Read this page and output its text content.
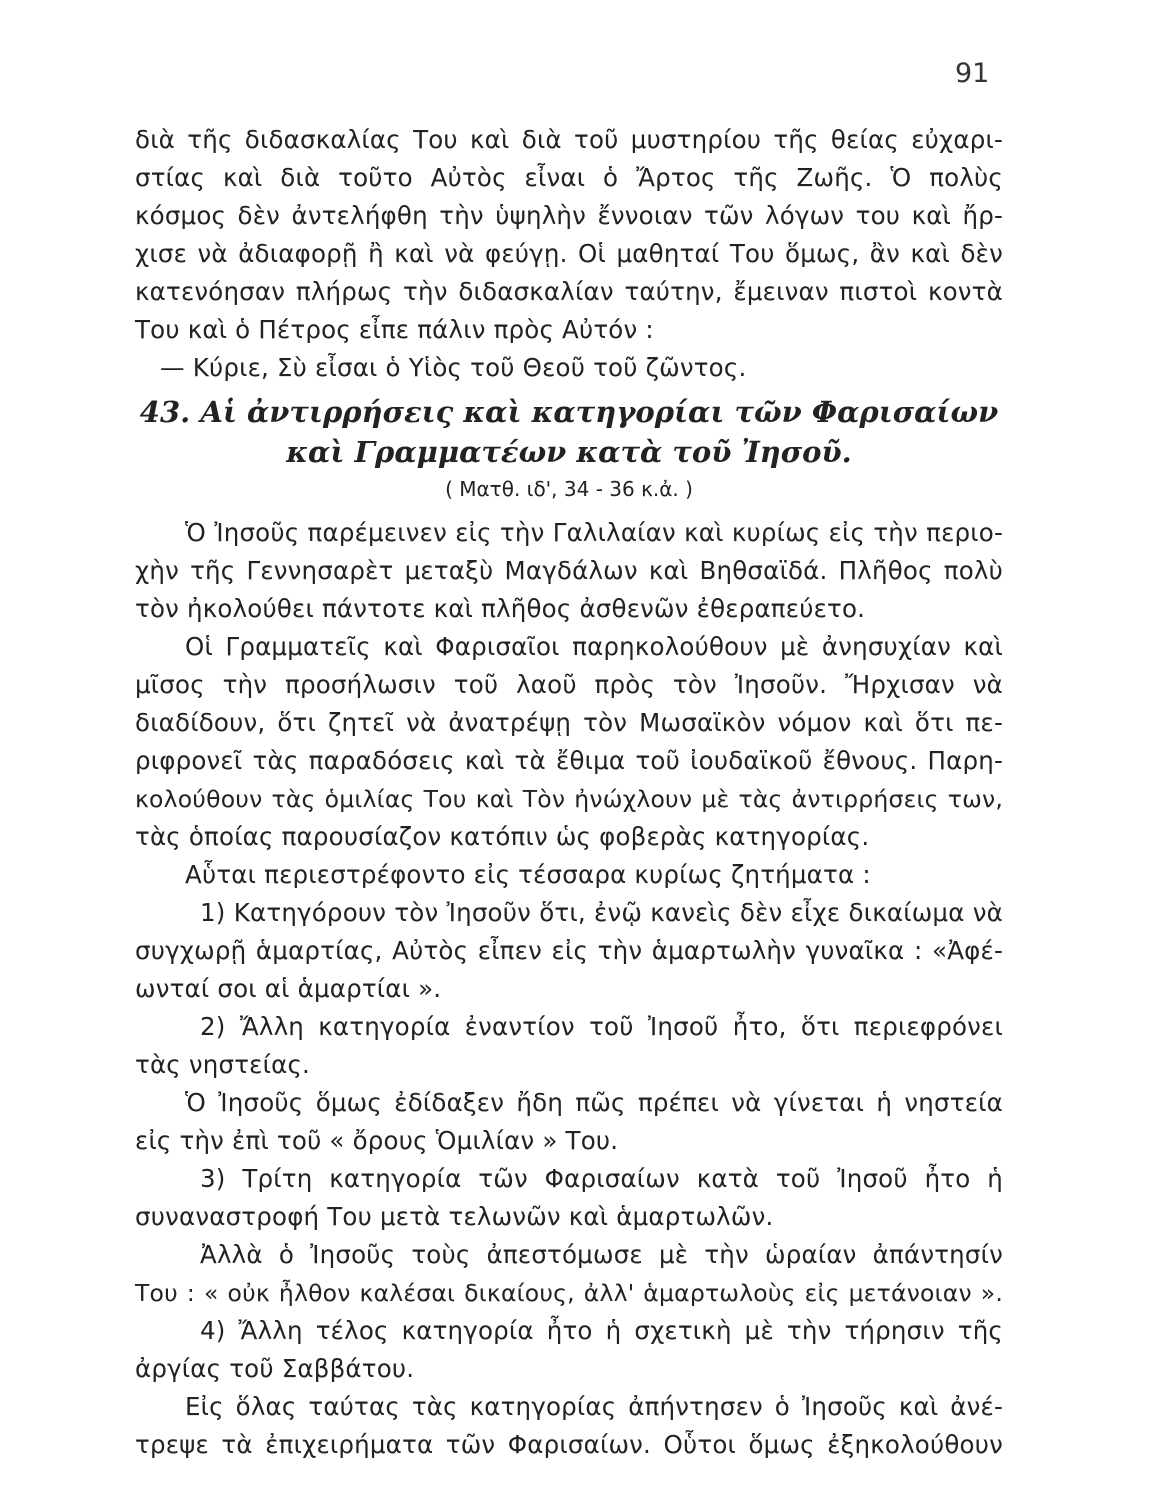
91
διὰ τῆς διδασκαλίας Του καὶ διὰ τοῦ μυστηρίου τῆς θείας εὐχαρι-
στίας καὶ διὰ τοῦτο Αὐτὸς εἶναι ὁ Ἄρτος τῆς Ζωῆς. Ὁ πολὺς
κόσμος δὲν ἀντελήφθη τὴν ὑψηλὴν ἔννοιαν τῶν λόγων του καὶ ἤρ-
χισε νὰ ἀδιαφορῇ ἢ καὶ νὰ φεύγῃ. Οἱ μαθηταί Του ὅμως, ἂν καὶ δὲν
κατενόησαν πλήρως τὴν διδασκαλίαν ταύτην, ἔμειναν πιστοὶ κοντὰ
Του καὶ ὁ Πέτρος εἶπε πάλιν πρὸς Αὐτόν :
— Κύριε, Σὺ εἶσαι ὁ Υἱὸς τοῦ Θεοῦ τοῦ ζῶντος.
43. Αἱ ἀντιρρήσεις καὶ κατηγορίαι τῶν Φαρισαίων
καὶ Γραμματέων κατὰ τοῦ Ἰησοῦ.
( Ματθ. ιδ', 34 - 36 κ.ἀ. )
Ὁ Ἰησοῦς παρέμεινεν εἰς τὴν Γαλιλαίαν καὶ κυρίως εἰς τὴν περιο-
χὴν τῆς Γεννησαρὲτ μεταξὺ Μαγδάλων καὶ Βηθσαϊδά. Πλῆθος πολὺ
τὸν ἠκολούθει πάντοτε καὶ πλῆθος ἀσθενῶν ἐθεραπεύετο.
Οἱ Γραμματεῖς καὶ Φαρισαῖοι παρηκολούθουν μὲ ἀνησυχίαν καὶ
μῖσος τὴν προσήλωσιν τοῦ λαοῦ πρὸς τὸν Ἰησοῦν. Ἤρχισαν νὰ
διαδίδουν, ὅτι ζητεῖ νὰ ἀνατρέψῃ τὸν Μωσαϊκὸν νόμον καὶ ὅτι πε-
ριφρονεῖ τὰς παραδόσεις καὶ τὰ ἔθιμα τοῦ ἰουδαϊκοῦ ἔθνους. Παρη-
κολούθουν τὰς ὁμιλίας Του καὶ Τὸν ἠνώχλουν μὲ τὰς ἀντιρρήσεις των,
τὰς ὁποίας παρουσίαζον κατόπιν ὡς φοβερὰς κατηγορίας.
Αὗται περιεστρέφοντο εἰς τέσσαρα κυρίως ζητήματα :
1) Κατηγόρουν τὸν Ἰησοῦν ὅτι, ἐνῷ κανεὶς δὲν εἶχε δικαίωμα νὰ
συγχωρῇ ἁμαρτίας, Αὐτὸς εἶπεν εἰς τὴν ἁμαρτωλὴν γυναῖκα : «Ἀφέ-
ωνταί σοι αἱ ἁμαρτίαι ».
2) Ἄλλη κατηγορία ἐναντίον τοῦ Ἰησοῦ ἦτο, ὅτι περιεφρόνει
τὰς νηστείας.
Ὁ Ἰησοῦς ὅμως ἐδίδαξεν ἤδη πῶς πρέπει νὰ γίνεται ἡ νηστεία
εἰς τὴν ἐπὶ τοῦ « ὄρους Ὁμιλίαν » Του.
3) Τρίτη κατηγορία τῶν Φαρισαίων κατὰ τοῦ Ἰησοῦ ἦτο ἡ
συναναστροφή Του μετὰ τελωνῶν καὶ ἁμαρτωλῶν.
Ἀλλὰ ὁ Ἰησοῦς τοὺς ἀπεστόμωσε μὲ τὴν ὡραίαν ἀπάντησίν
Του : « οὐκ ἦλθον καλέσαι δικαίους, ἀλλ' ἁμαρτωλοὺς εἰς μετάνοιαν ».
4) Ἄλλη τέλος κατηγορία ἦτο ἡ σχετικὴ μὲ τὴν τήρησιν τῆς
ἀργίας τοῦ Σαββάτου.
Εἰς ὅλας ταύτας τὰς κατηγορίας ἀπήντησεν ὁ Ἰησοῦς καὶ ἀνέ-
τρεψε τὰ ἐπιχειρήματα τῶν Φαρισαίων. Οὗτοι ὅμως ἐξηκολούθουν
